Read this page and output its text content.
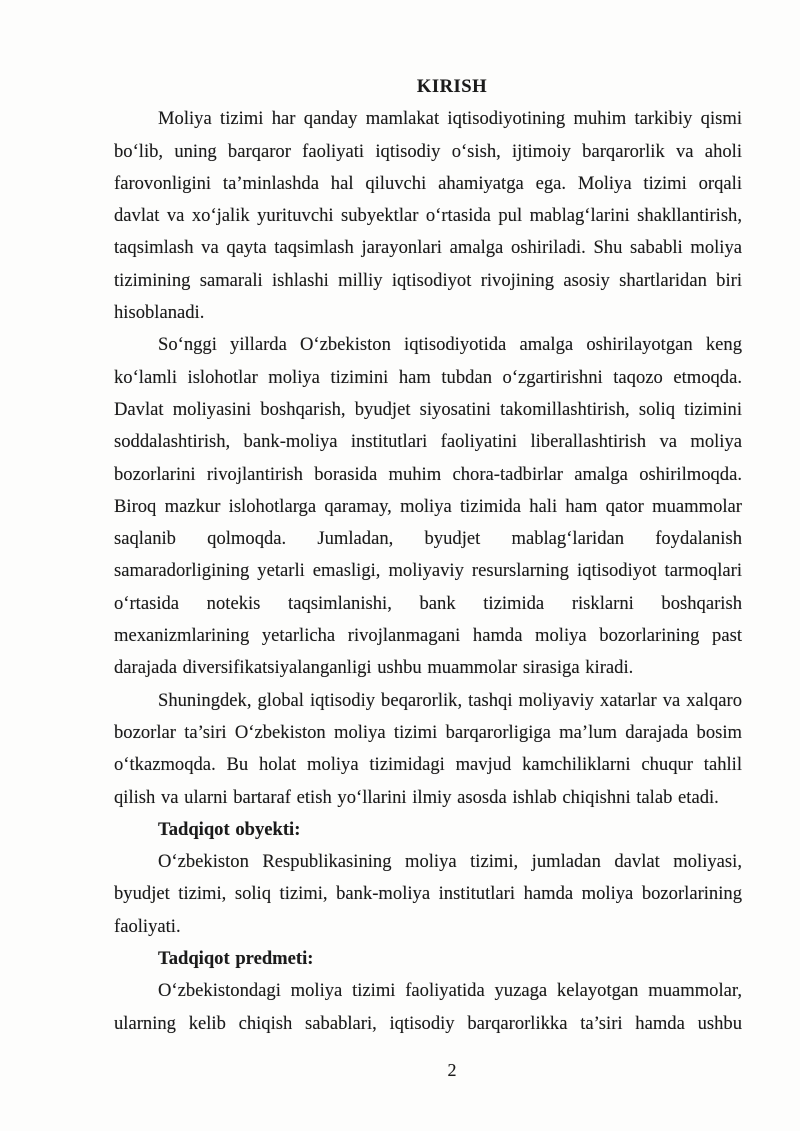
KIRISH

Moliya tizimi har qanday mamlakat iqtisodiyotining muhim tarkibiy qismi boʻlib, uning barqaror faoliyati iqtisodiy oʻsish, ijtimoiy barqarorlik va aholi farovonligini ta’minlashda hal qiluvchi ahamiyatga ega. Moliya tizimi orqali davlat va xoʻjalik yurituvchi subyektlar oʻrtasida pul mablagʻlarini shakllantirish, taqsimlash va qayta taqsimlash jarayonlari amalga oshiriladi. Shu sababli moliya tizimining samarali ishlashi milliy iqtisodiyot rivojining asosiy shartlaridan biri hisoblanadi.

Soʻnggi yillarda Oʻzbekiston iqtisodiyotida amalga oshirilayotgan keng koʻlamli islohotlar moliya tizimini ham tubdan oʻzgartirishni taqozo etmoqda. Davlat moliyasini boshqarish, byudjet siyosatini takomillashtirish, soliq tizimini soddalashtirish, bank-moliya institutlari faoliyatini liberallashtirish va moliya bozorlarini rivojlantirish borasida muhim chora-tadbirlar amalga oshirilmoqda. Biroq mazkur islohotlarga qaramay, moliya tizimida hali ham qator muammolar saqlanib qolmoqda. Jumladan, byudjet mablagʻlaridan foydalanish samaradorligining yetarli emasligi, moliyaviy resurslarning iqtisodiyot tarmoqlari oʻrtasida notekis taqsimlanishi, bank tizimida risklarni boshqarish mexanizmlarining yetarlicha rivojlanmagani hamda moliya bozorlarining past darajada diversifikatsiyalanganligi ushbu muammolar sirasiga kiradi.

Shuningdek, global iqtisodiy beqarorlik, tashqi moliyaviy xatarlar va xalqaro bozorlar ta’siri Oʻzbekiston moliya tizimi barqarorligiga ma’lum darajada bosim oʻtkazmoqda. Bu holat moliya tizimidagi mavjud kamchiliklarni chuqur tahlil qilish va ularni bartaraf etish yoʻllarini ilmiy asosda ishlab chiqishni talab etadi.

Tadqiqot obyekti:

Oʻzbekiston Respublikasining moliya tizimi, jumladan davlat moliyasi, byudjet tizimi, soliq tizimi, bank-moliya institutlari hamda moliya bozorlarining faoliyati.

Tadqiqot predmeti:

Oʻzbekistondagi moliya tizimi faoliyatida yuzaga kelayotgan muammolar, ularning kelib chiqish sabablari, iqtisodiy barqarorlikka ta’siri hamda ushbu

2
